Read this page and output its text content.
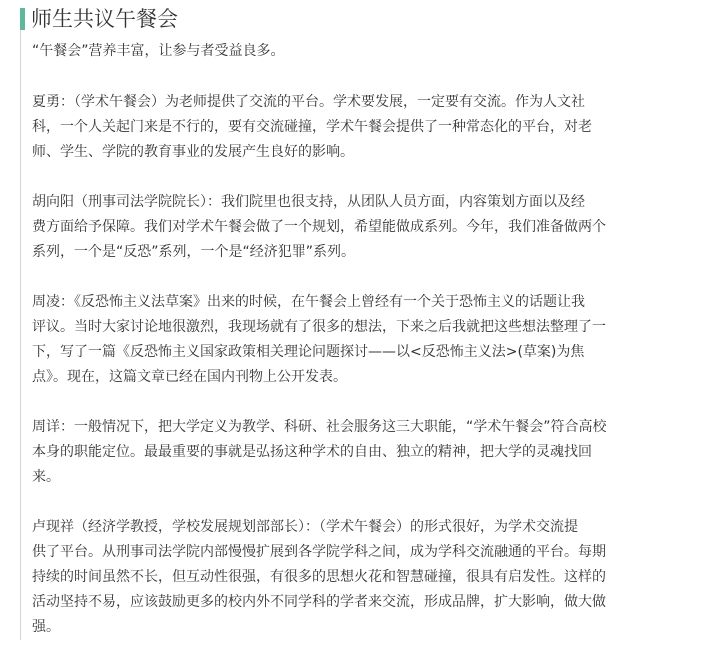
师生共议午餐会

“午餐会”营养丰富，让参与者受益良多。

夏勇：（学术午餐会）为老师提供了交流的平台。学术要发展，一定要有交流。作为人文社
科，一个人关起门来是不行的，要有交流碰撞，学术午餐会提供了一种常态化的平台，对老
师、学生、学院的教育事业的发展产生良好的影响。

胡向阳（刑事司法学院院长）：我们院里也很支持，从团队人员方面，内容策划方面以及经
费方面给予保障。我们对学术午餐会做了一个规划，希望能做成系列。今年，我们准备做两个
系列，一个是“反恐”系列，一个是“经济犯罪”系列。

周凌：《反恐怖主义法草案》出来的时候，在午餐会上曾经有一个关于恐怖主义的话题让我
评议。当时大家讨论地很激烈，我现场就有了很多的想法，下来之后我就把这些想法整理了一
下，写了一篇《反恐怖主义国家政策相关理论问题探讨——以<反恐怖主义法>(草案)为焦
点》。现在，这篇文章已经在国内刊物上公开发表。

周详：一般情况下，把大学定义为教学、科研、社会服务这三大职能，“学术午餐会”符合高校
本身的职能定位。最最重要的事就是弘扬这种学术的自由、独立的精神，把大学的灵魂找回
来。

卢现祥（经济学教授，学校发展规划部部长）：（学术午餐会）的形式很好，为学术交流提
供了平台。从刑事司法学院内部慢慢扩展到各学院学科之间，成为学科交流融通的平台。每期
持续的时间虽然不长，但互动性很强，有很多的思想火花和智慧碰撞，很具有启发性。这样的
活动坚持不易，应该鼓励更多的校内外不同学科的学者来交流，形成品牌，扩大影响，做大做
强。
